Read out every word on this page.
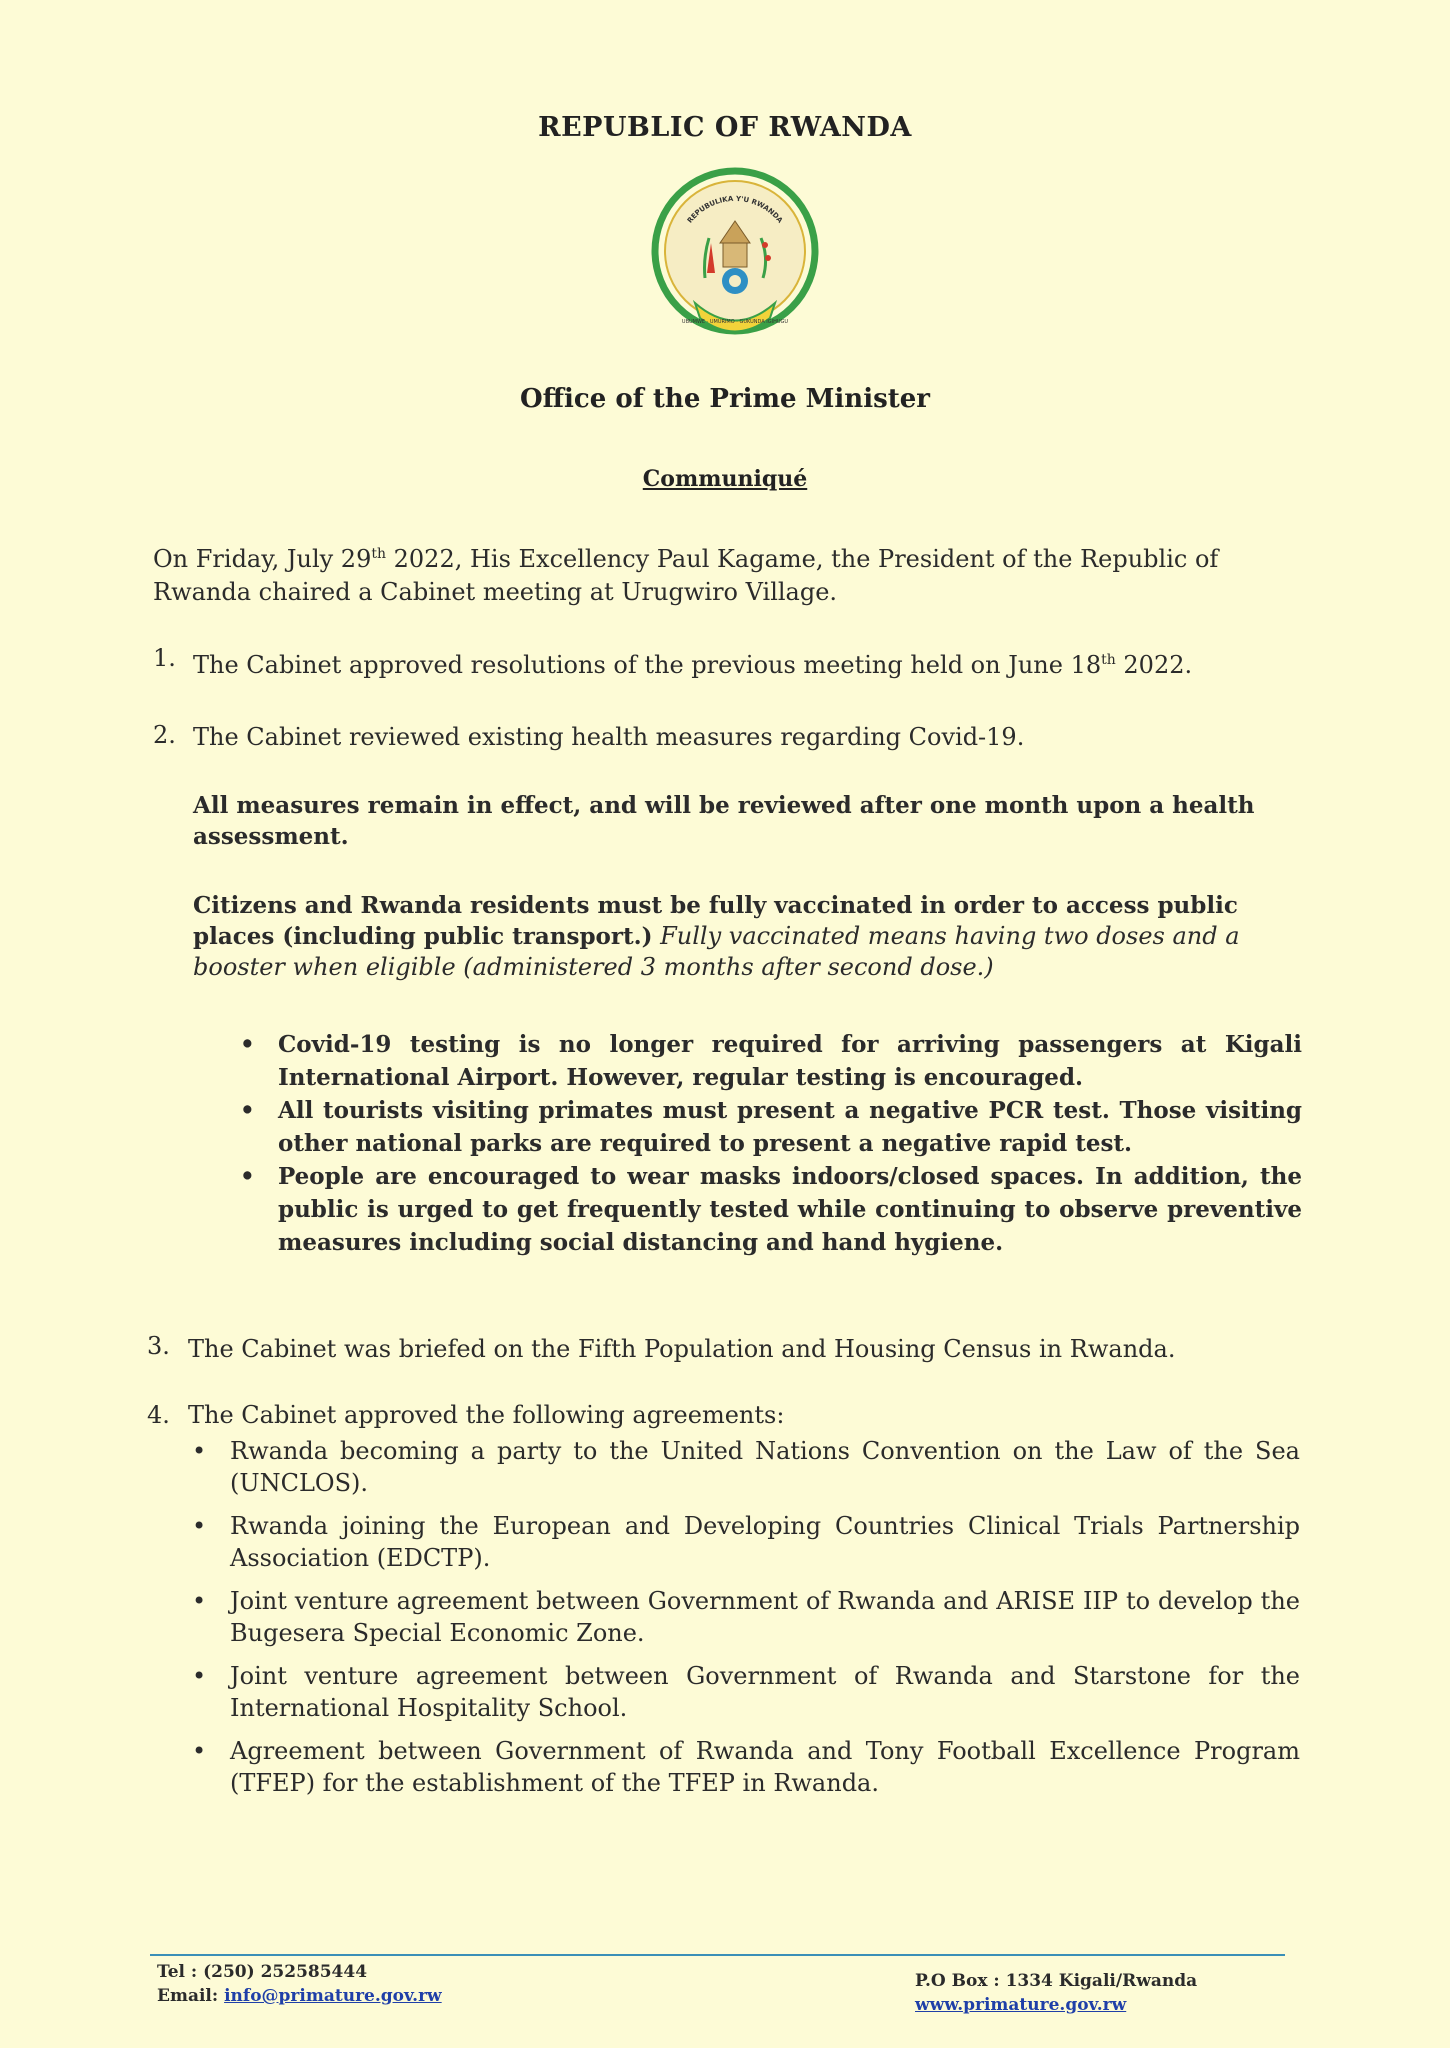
REPUBLIC OF RWANDA
REPUBULIKA Y'U RWANDA
UBUMWE · UMURIMO · GUKUNDA IGIHUGU
Office of the Prime Minister
Communiqué
On Friday, July 29th 2022, His Excellency Paul Kagame, the President of the Republic of Rwanda chaired a Cabinet meeting at Urugwiro Village.
1. The Cabinet approved resolutions of the previous meeting held on June 18th 2022.
2. The Cabinet reviewed existing health measures regarding Covid-19.
All measures remain in effect, and will be reviewed after one month upon a health assessment.
Citizens and Rwanda residents must be fully vaccinated in order to access public places (including public transport.) Fully vaccinated means having two doses and a booster when eligible (administered 3 months after second dose.)
• Covid-19 testing is no longer required for arriving passengers at Kigali International Airport. However, regular testing is encouraged.
• All tourists visiting primates must present a negative PCR test. Those visiting other national parks are required to present a negative rapid test.
• People are encouraged to wear masks indoors/closed spaces. In addition, the public is urged to get frequently tested while continuing to observe preventive measures including social distancing and hand hygiene.
3. The Cabinet was briefed on the Fifth Population and Housing Census in Rwanda.
4. The Cabinet approved the following agreements:
• Rwanda becoming a party to the United Nations Convention on the Law of the Sea (UNCLOS).
• Rwanda joining the European and Developing Countries Clinical Trials Partnership Association (EDCTP).
• Joint venture agreement between Government of Rwanda and ARISE IIP to develop the Bugesera Special Economic Zone.
• Joint venture agreement between Government of Rwanda and Starstone for the International Hospitality School.
• Agreement between Government of Rwanda and Tony Football Excellence Program (TFEP) for the establishment of the TFEP in Rwanda.
Tel : (250) 252585444
Email: info@primature.gov.rw
P.O Box : 1334 Kigali/Rwanda
www.primature.gov.rw
